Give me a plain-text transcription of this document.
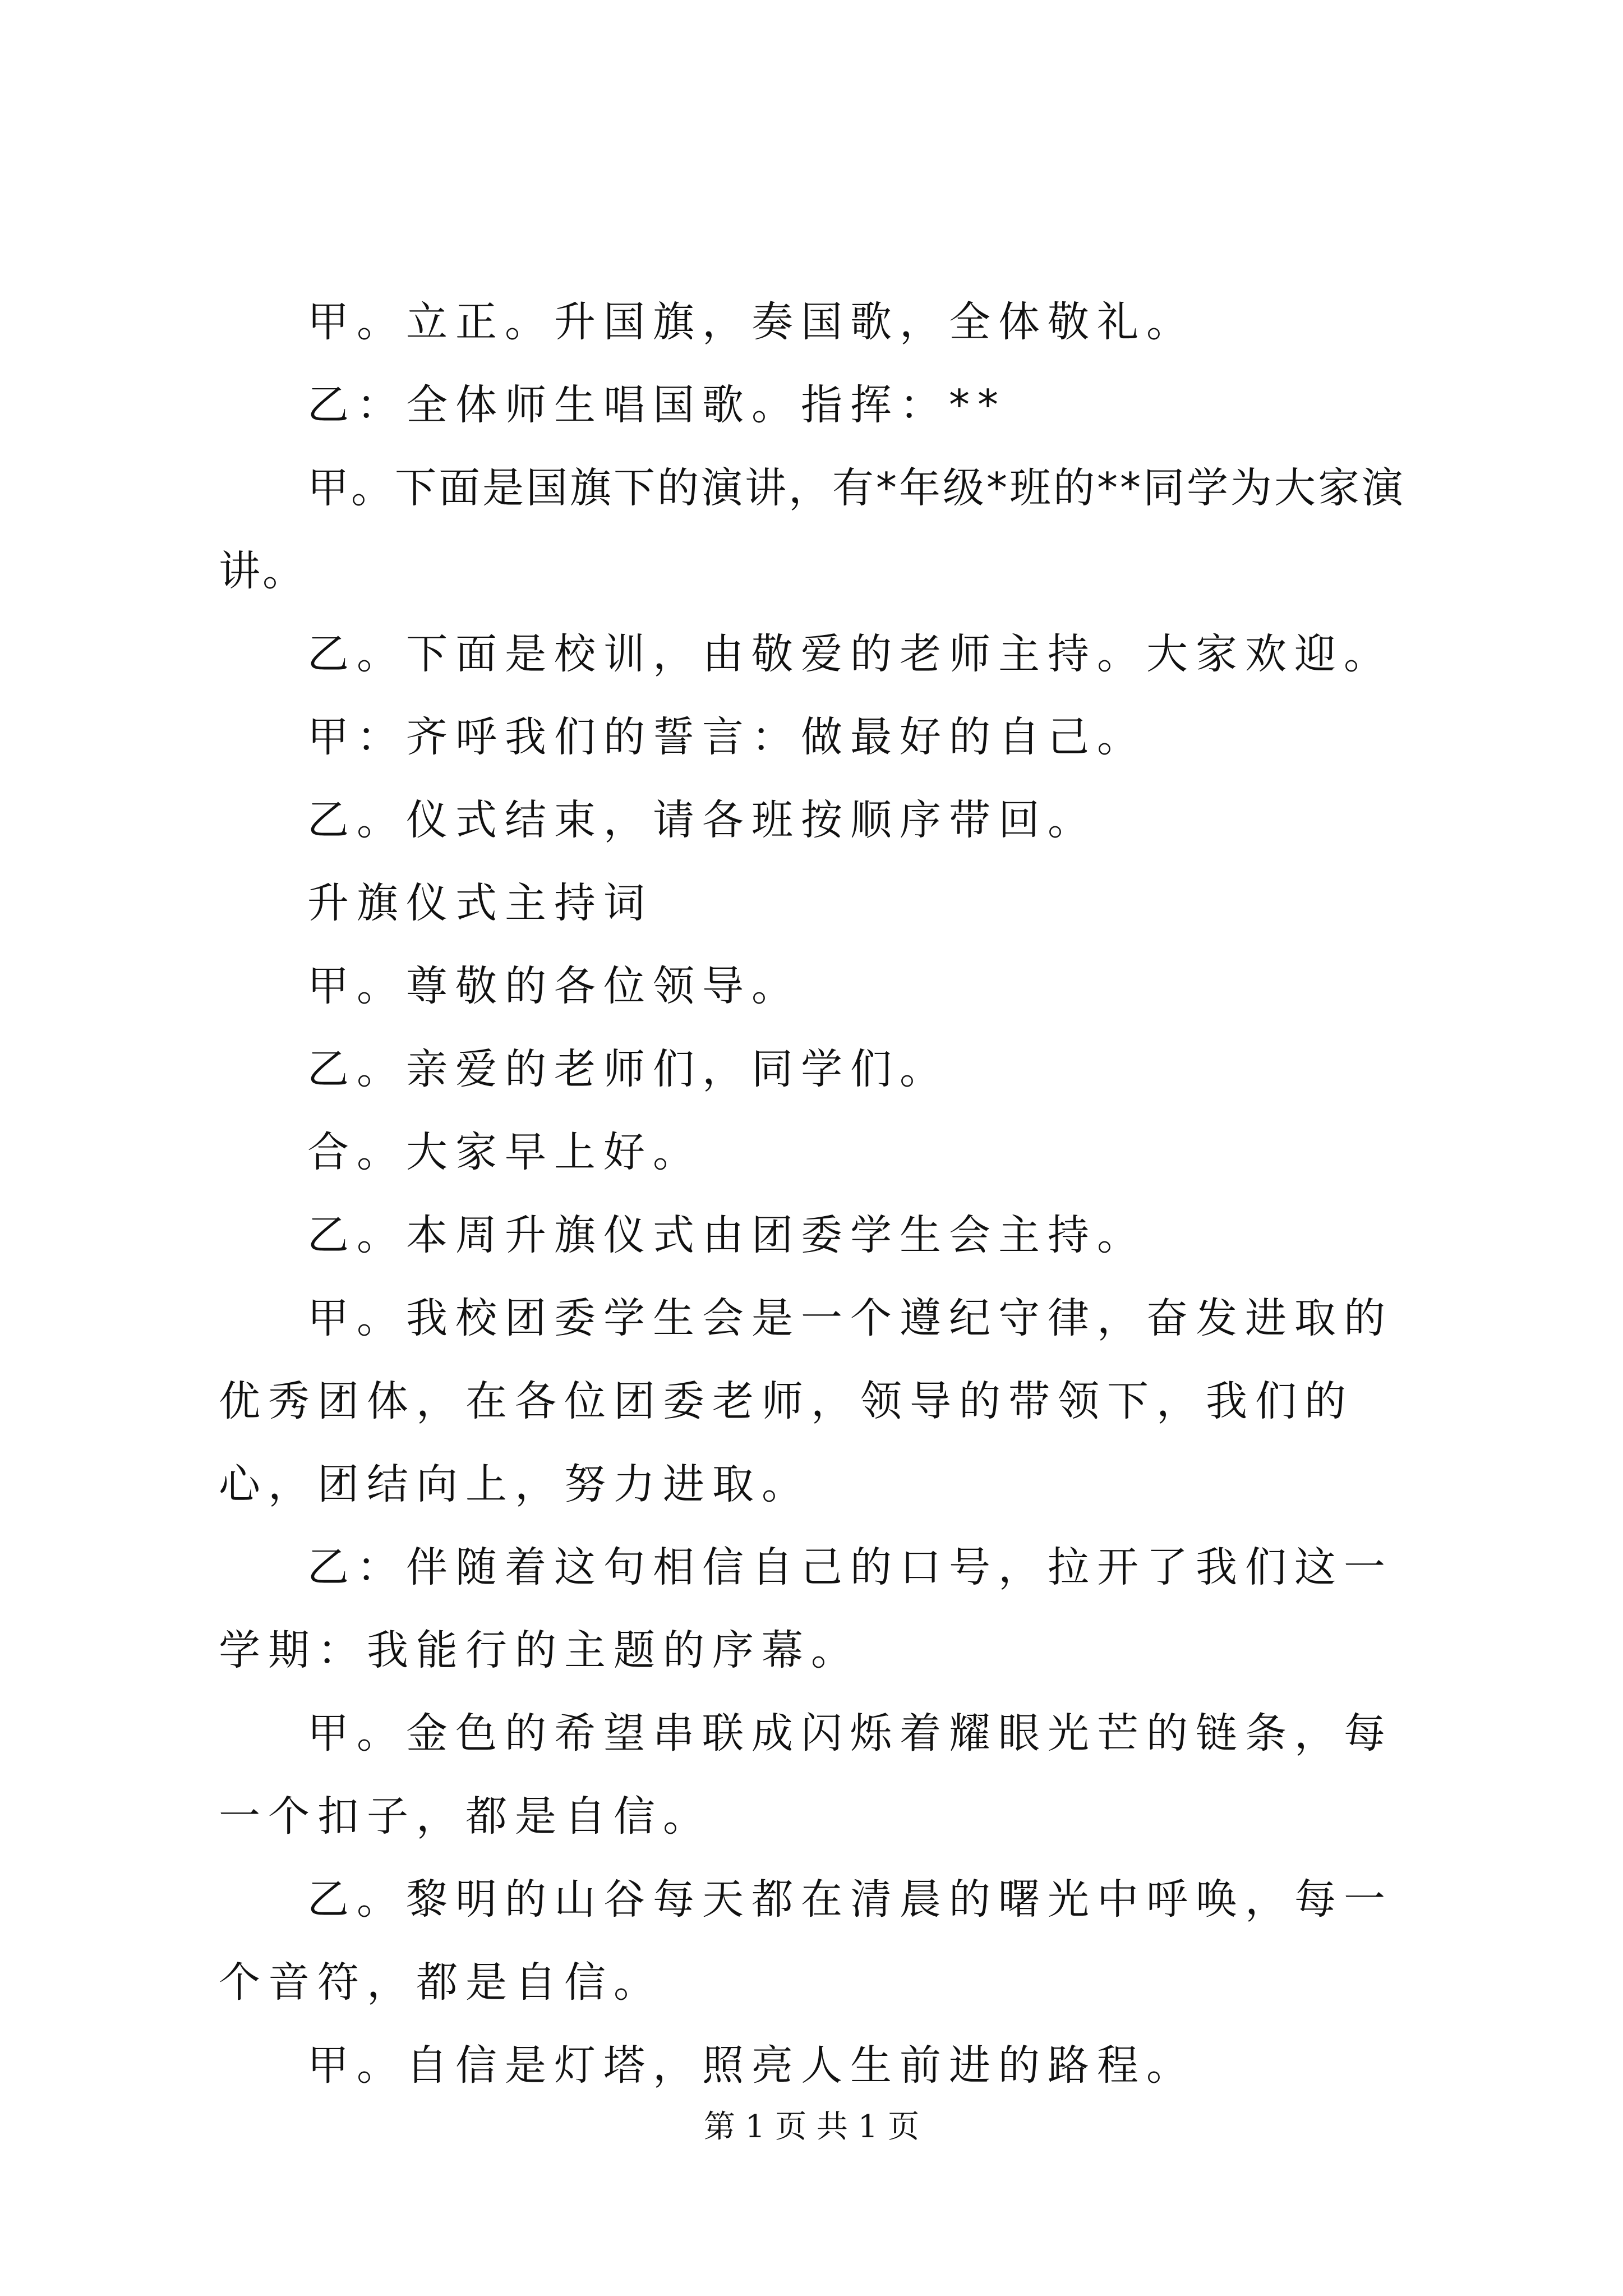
甲。立正。升国旗，奏国歌，全体敬礼。

乙：全体师生唱国歌。指挥：**

甲。下面是国旗下的演讲，有*年级*班的**同学为大家演讲。

乙。下面是校训，由敬爱的老师主持。大家欢迎。

甲：齐呼我们的誓言：做最好的自己。

乙。仪式结束，请各班按顺序带回。

升旗仪式主持词

甲。尊敬的各位领导。

乙。亲爱的老师们，同学们。

合。大家早上好。

乙。本周升旗仪式由团委学生会主持。

甲。我校团委学生会是一个遵纪守律，奋发进取的优秀团体，在各位团委老师，领导的带领下，我们的心，团结向上，努力进取。

乙：伴随着这句相信自己的口号，拉开了我们这一学期：我能行的主题的序幕。

甲。金色的希望串联成闪烁着耀眼光芒的链条，每一个扣子，都是自信。

乙。黎明的山谷每天都在清晨的曙光中呼唤，每一个音符，都是自信。

甲。自信是灯塔，照亮人生前进的路程。

第 1 页 共 1 页
